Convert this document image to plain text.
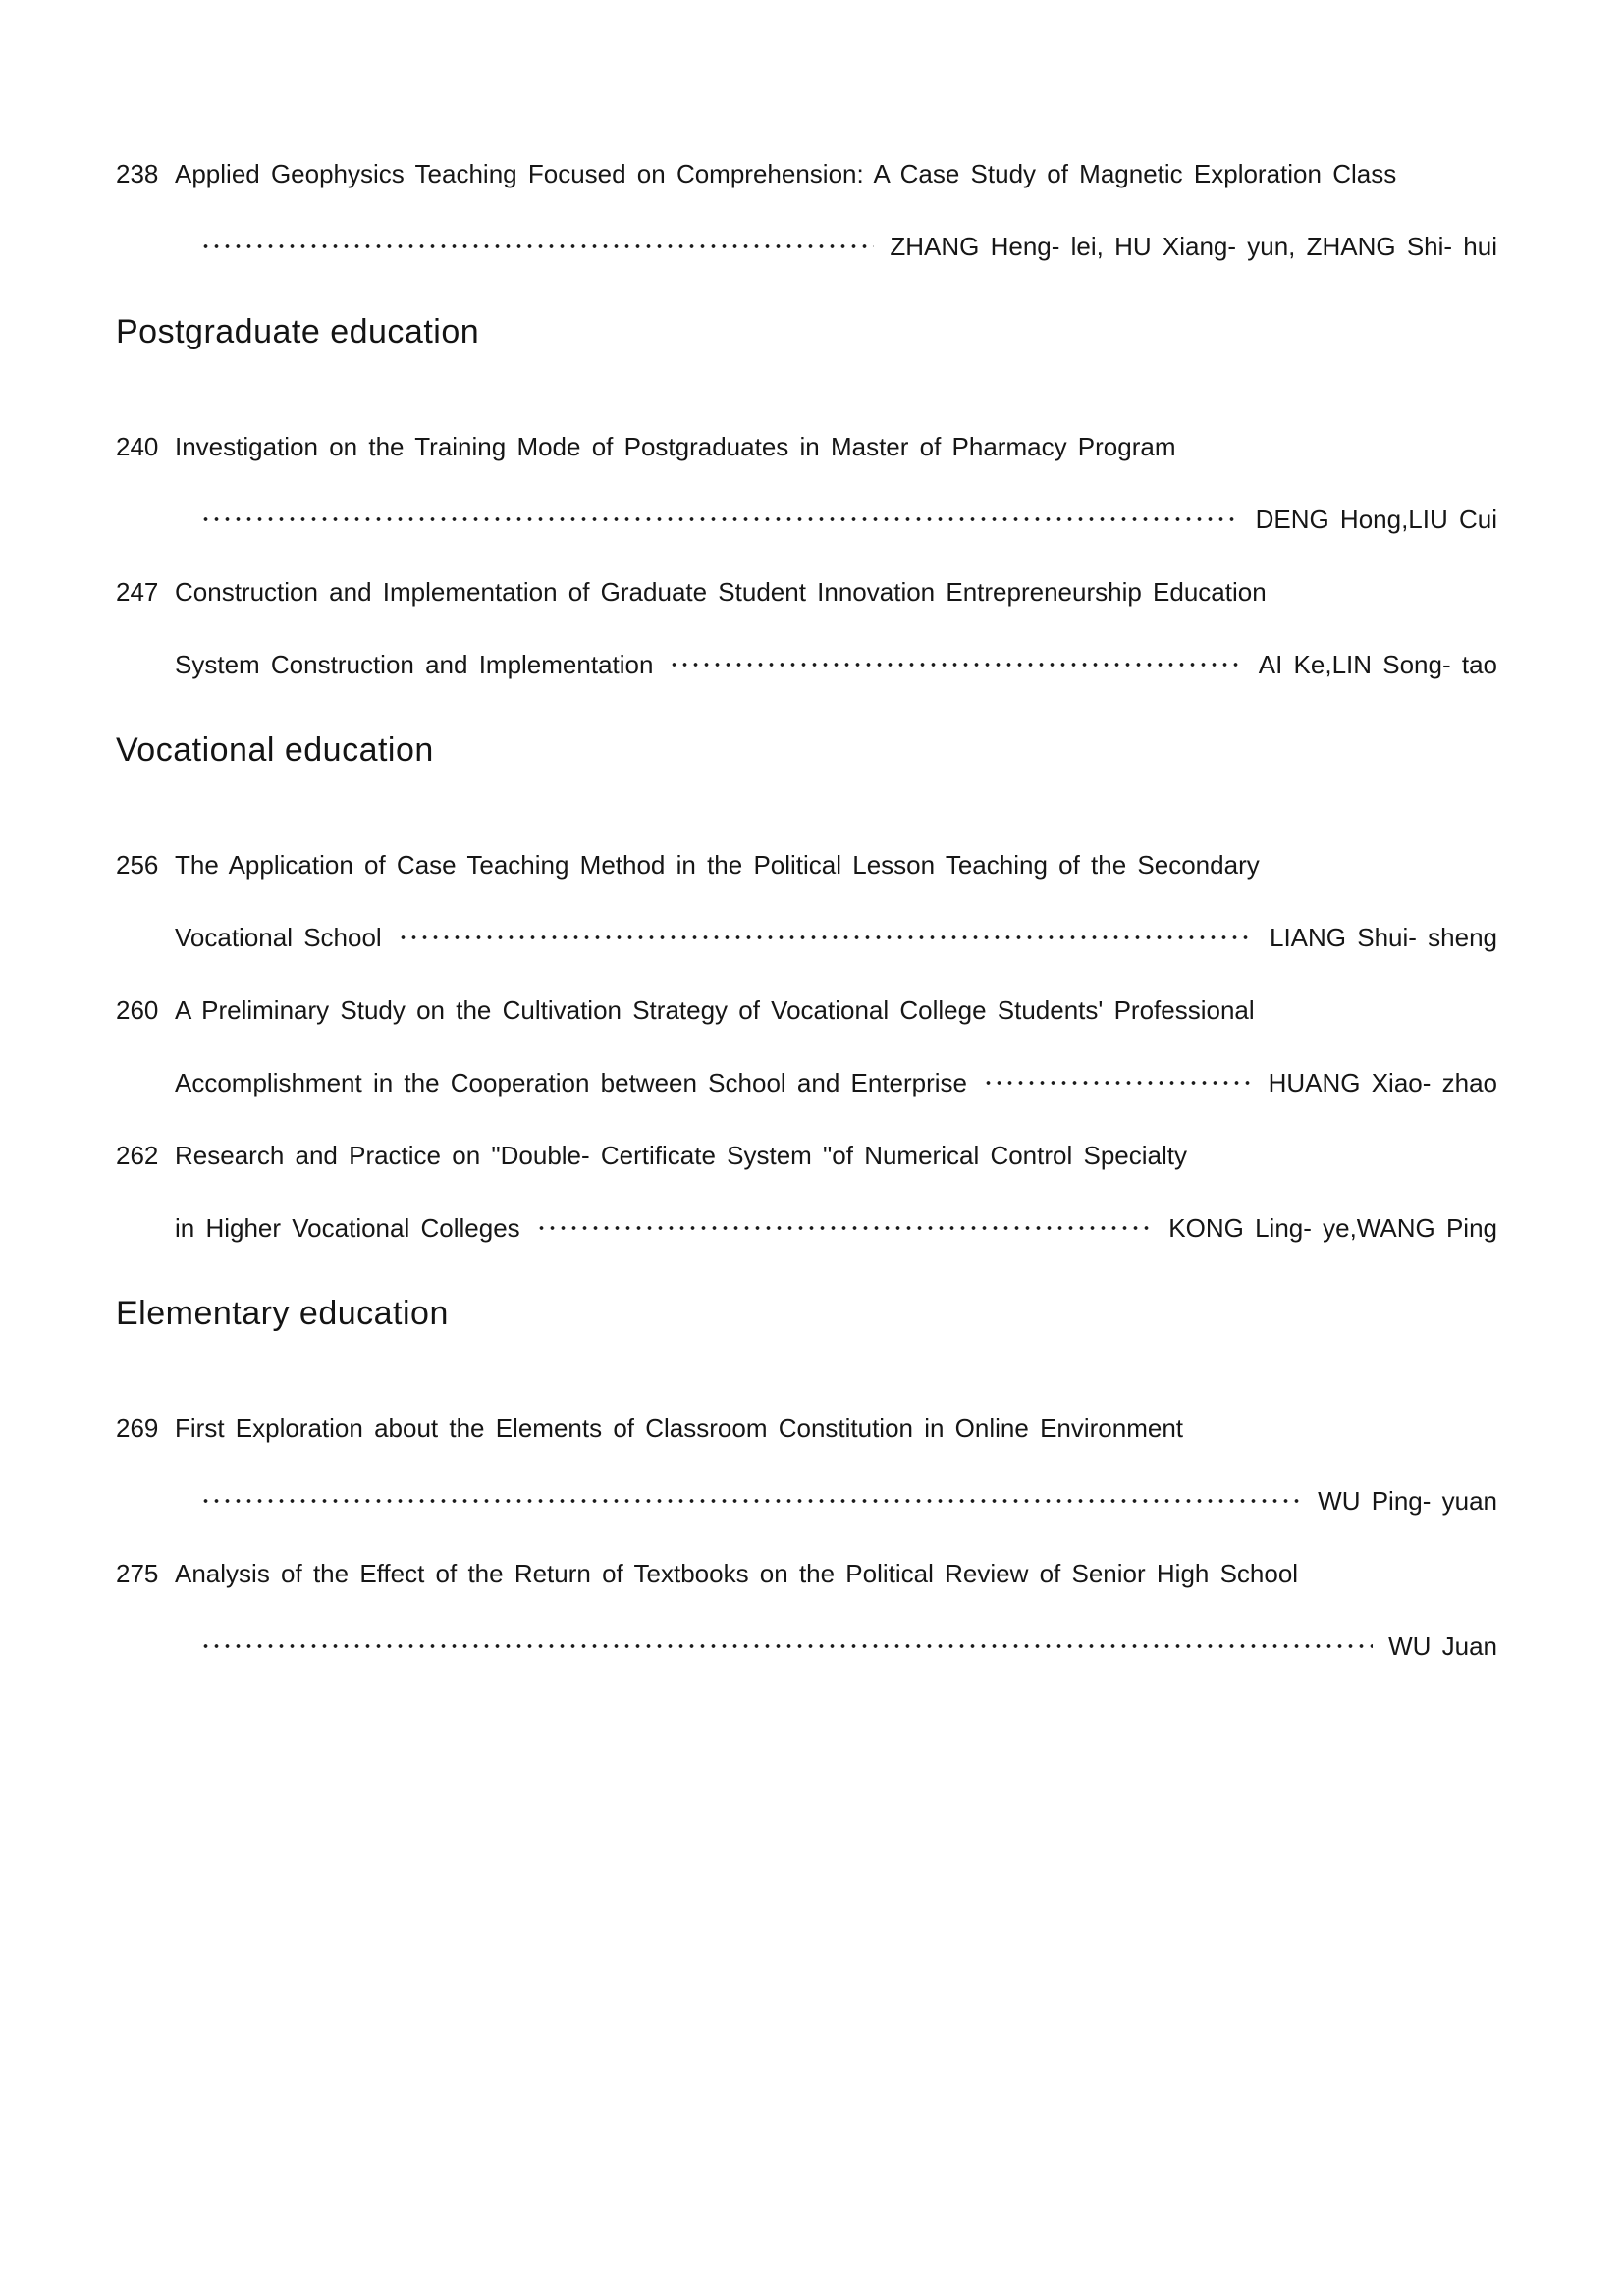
238 Applied Geophysics Teaching Focused on Comprehension: A Case Study of Magnetic Exploration Class
ZHANG Heng- lei, HU Xiang- yun, ZHANG Shi- hui
Postgraduate education
240 Investigation on the Training Mode of Postgraduates in Master of Pharmacy Program
DENG Hong,LIU Cui
247 Construction and Implementation of Graduate Student Innovation Entrepreneurship Education
System Construction and Implementation	AI Ke,LIN Song- tao
Vocational education
256 The Application of Case Teaching Method in the Political Lesson Teaching of the Secondary
Vocational School	LIANG Shui- sheng
260 A Preliminary Study on the Cultivation Strategy of Vocational College Students' Professional
Accomplishment in the Cooperation between School and Enterprise	HUANG Xiao- zhao
262 Research and Practice on "Double- Certificate System "of Numerical Control Specialty
in Higher Vocational Colleges	KONG Ling- ye,WANG Ping
Elementary education
269 First Exploration about the Elements of Classroom Constitution in Online Environment
WU Ping- yuan
275 Analysis of the Effect of the Return of Textbooks on the Political Review of Senior High School
WU Juan
